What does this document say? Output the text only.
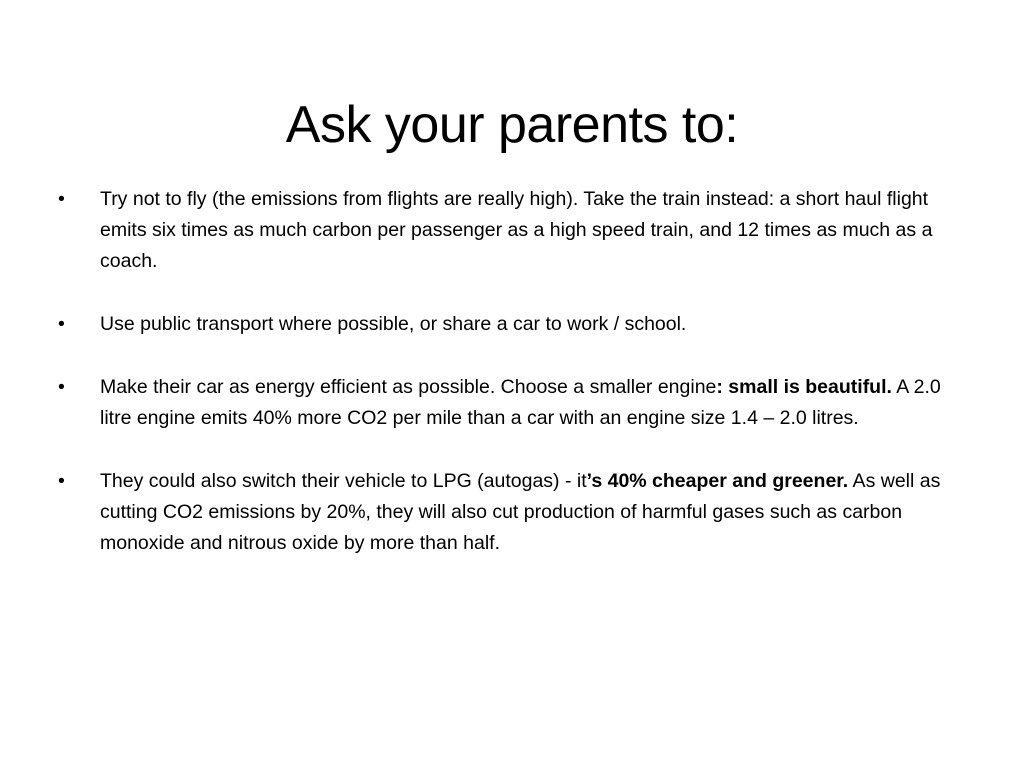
Ask your parents to:
•	Try not to fly (the emissions from flights are really high). Take the train instead: a short haul flight emits six times as much carbon per passenger as a high speed train, and 12 times as much as a coach.
•	Use public transport where possible, or share a car to work / school.
•	Make their car as energy efficient as possible. Choose a smaller engine: small is beautiful. A 2.0 litre engine emits 40% more CO2 per mile than a car with an engine size 1.4 – 2.0 litres.
•	They could also switch their vehicle to LPG (autogas) - it’s 40% cheaper and greener. As well as cutting CO2 emissions by 20%, they will also cut production of harmful gases such as carbon monoxide and nitrous oxide by more than half.
